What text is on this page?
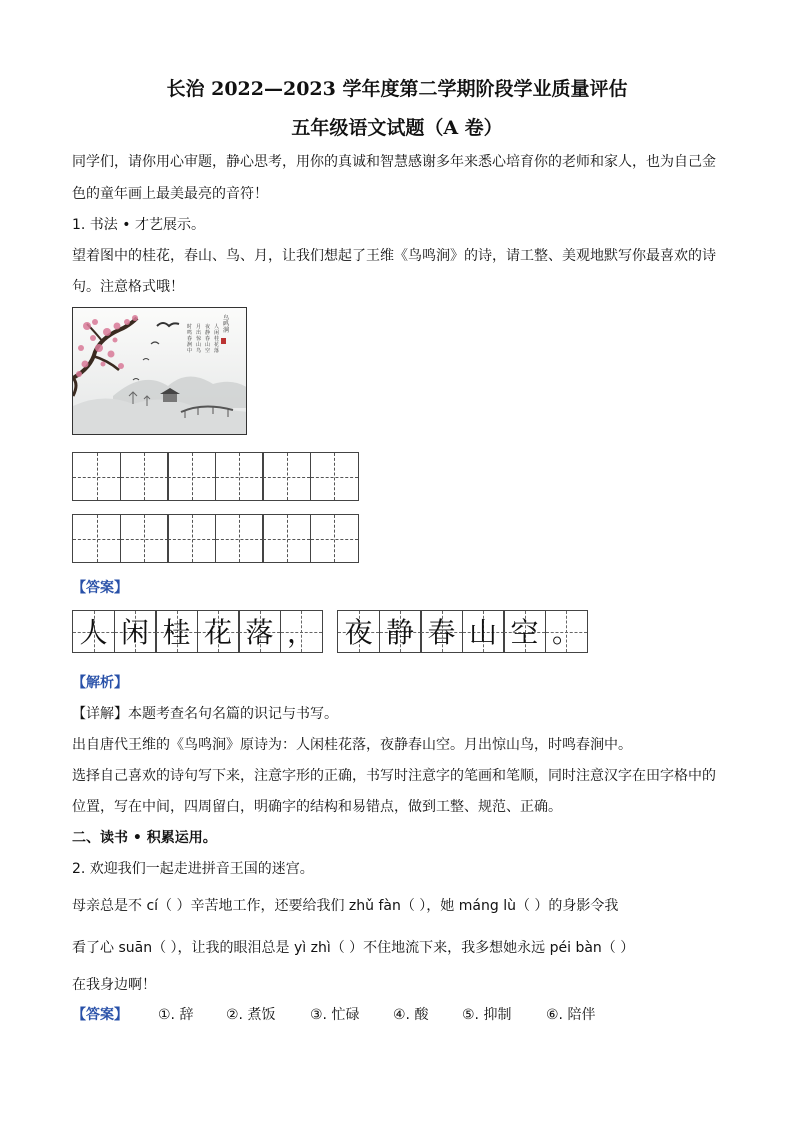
长治 2022—2023 学年度第二学期阶段学业质量评估
五年级语文试题（A 卷）
同学们，请你用心审题，静心思考，用你的真诚和智慧感谢多年来悉心培育你的老师和家人，也为自己金
色的童年画上最美最亮的音符！
1. 书法 • 才艺展示。
望着图中的桂花，春山、鸟、月，让我们想起了王维《鸟鸣涧》的诗，请工整、美观地默写你最喜欢的诗
句。注意格式哦！
鸟
鸣
涧
人
闲
桂
花
落
夜
静
春
山
空
月
出
惊
山
鸟
时
鸣
春
涧
中
【答案】
人 闲 桂 花 落 ， 夜 静 春 山 空 。
【解析】
【详解】本题考查名句名篇的识记与书写。
出自唐代王维的《鸟鸣涧》原诗为：人闲桂花落，夜静春山空。月出惊山鸟，时鸣春涧中。
选择自己喜欢的诗句写下来，注意字形的正确，书写时注意字的笔画和笔顺，同时注意汉字在田字格中的
位置，写在中间，四周留白，明确字的结构和易错点，做到工整、规范、正确。
二、读书 • 积累运用。
2. 欢迎我们一起走进拼音王国的迷宫。
母亲总是不 cí（ ）辛苦地工作，还要给我们 zhǔ fàn（ ），她 máng lù（ ）的身影令我
看了心 suān（ ），让我的眼泪总是 yì zhì（ ）不住地流下来，我多想她永远 péi bàn（ ）
在我身边啊！
【答案】 ①. 辞 ②. 煮饭 ③. 忙碌 ④. 酸 ⑤. 抑制 ⑥. 陪伴
